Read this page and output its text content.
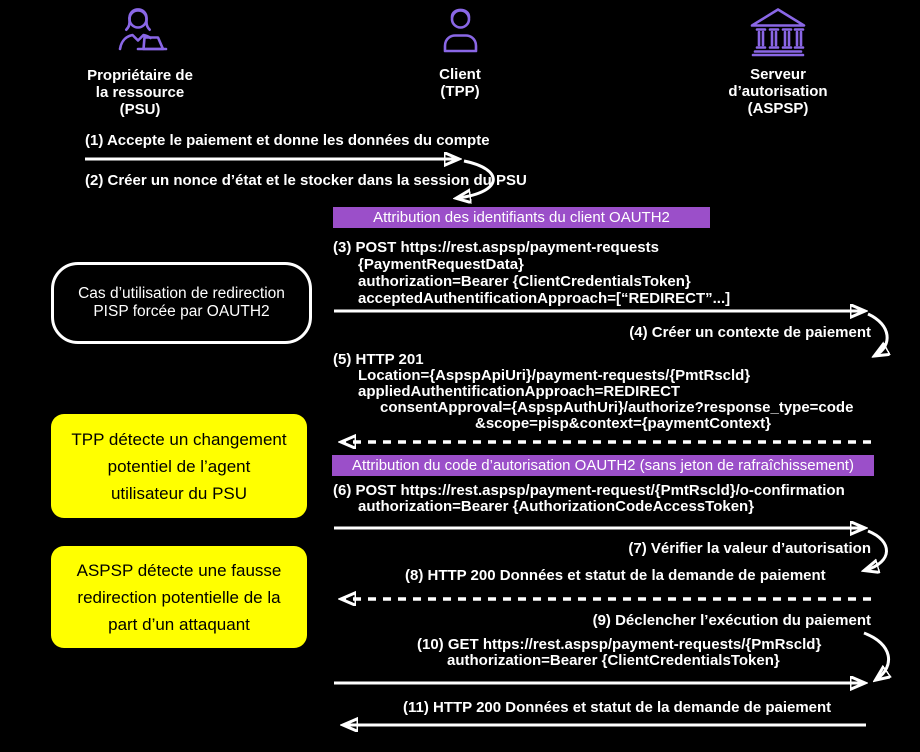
Propriétaire de
la ressource
(PSU)
Client
(TPP)
Serveur
d’autorisation
(ASPSP)
Attribution des identifiants du client OAUTH2
Attribution du code d’autorisation OAUTH2 (sans jeton de rafraîchissement)
(1) Accepte le paiement et donne les données du compte
(2) Créer un nonce d’état et le stocker dans la session du PSU
(3) POST https://rest.aspsp/payment-requests
{PaymentRequestData}
authorization=Bearer {ClientCredentialsToken}
acceptedAuthentificationApproach=[“REDIRECT”...]
(4) Créer un contexte de paiement
(5) HTTP 201
Location={AspspApiUri}/payment-requests/{PmtRscld}
appliedAuthentificationApproach=REDIRECT
consentApproval={AspspAuthUri}/authorize?response_type=code
&scope=pisp&context={paymentContext}
(6) POST https://rest.aspsp/payment-request/{PmtRscld}/o-confirmation
authorization=Bearer {AuthorizationCodeAccessToken}
(7) Vérifier la valeur d’autorisation
(8) HTTP 200 Données et statut de la demande de paiement
(9) Déclencher l’exécution du paiement
(10) GET https://rest.aspsp/payment-requests/{PmRscld}
authorization=Bearer {ClientCredentialsToken}
(11) HTTP 200 Données et statut de la demande de paiement
Cas d’utilisation de redirection
PISP forcée par OAUTH2
TPP détecte un changement
potentiel de l’agent
utilisateur du PSU
ASPSP détecte une fausse
redirection potentielle de la
part d’un attaquant
